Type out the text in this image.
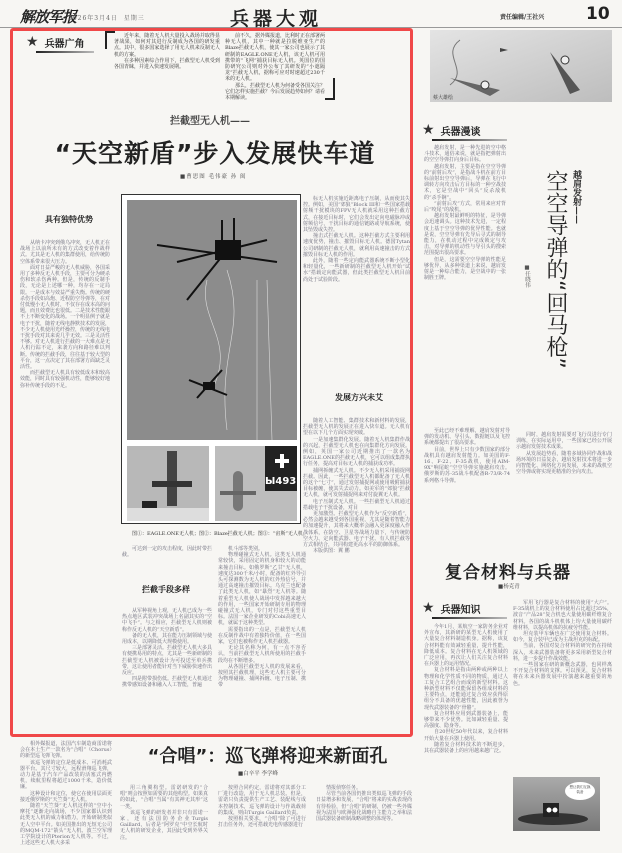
解放军报
2026年3月4日 星期三	兵器大观	责任编辑/王社兴 10
★ 兵器广角

近年来，随着无人机大量投入战场并取得显著战果，如何对其进行反制成为各国的研发重点。其中，很多国家选择了用无人机来反制无人机的方案。

在多种因素综合作用下，拦截型无人机受到各国青睐，并进入快速发展期。

前不久，据外媒报道，比利时正在部署两种无人机，其中一种就是拉脱维亚生产的Blaze拦截无人机，使其一家公司也展示了其研制的EAGLE.ONE无人机，该无人机可用携带的“飞网”捕获目标无人机。英国位的国防研究公司则对外公布了其研发的“小遮隔龙”拦截无人机，据称可应对时速超过230千米的无人机。

那么，拦截型无人机为何备受各国关注？它们怎样实施拦截？今后发展趋势如何？请看本期解读。	蔡大雄绘
拦截型无人机——
“天空新盾”步入发展快车道
■曹思图 毛伟豪 孙 闽
具有独特优势

从纳卡冲突到俄乌冲突，无人机正在战场上以前所未有的方式改变着作战样式。尤其是无人机的集群使用，给传统防空体系带来很大压力。

面对日益严峻的无人机威胁，各国采用了多种反无人机手段，主要可分为硬杀伤和软杀伤两种。但是，传统的反制手段，无论是上述哪一种，均存在一定局限。一是成本与效益严重失衡。传统的硬杀伤手段如高炮、近程防空导弹等，在对付低慢小无人机时，不仅存在成本高的问题，而且效费比也很低。二是技术性能跟不上不断变化的战场。一个明显例子就是电子干扰，随着无线电静默技术的发展，不少无人机使用光纤操控，传统的无线电干扰手段对其来说几乎无效。三是灵活性不够。对无人机进行拦截的一大难点是无人机行踪不定，来袭方向和路径难以判断。传统的拦截手段，往往基于较大型的平台，这一点决定了其在部署方面缺乏灵活性。

而拦截型无人机具有较低成本和较高效能，同时具有较强机动性，能够较好地弥补传统手段的不足。

Ы493
图①：EAGLE.ONE无人机；图②：Blaze拦截无人机；图③：“宙斯”无人机。

标无人机实施近距离电子压制，从而使其失控。例如，美国“郊狼”Block III和一些国家搭载射频干扰模块的FPV无人机就采用这种拦截方式，在接近目标时，它们会发出定向电磁脉冲或射频信号，干扰目标的通信链路或导航系统，使其坠毁或失控。

撞击式拦截无人机。这种拦截方式主要利用速度优势，撞击、摧毁目标无人机。德国Tytan公司研制的拦截无人机，就利用高速撞击的方式摧毁目标无人机的作用。

此外，随着一些定向能武器系统不断小型化和轻量化，一些新研制的拦截型无人机开始“试水”搭载定向能武器，但此类拦截型无人机目前尚处于试验阶段。

发展方兴未艾

随着人工智能、集群技术和新材料的发展，拦截型无人机的发展正在进入快车道。无人机有望在以下几个方面实现突破。

一是加速集群化发展。随着无人机集群作战的兴起，拦截型无人机也在向集群化方向发展。例如，英国一家公司近期推出了一款名为EAGLE.ONE的拦截无人机，它可以组成集群执行任务，提高对目标无人机的捕获成功率。

捕网拆缠式无人机。不少无人机采用捕捉网拦截。因此，一些拦截型无人机都配备了无人机的这个“七寸”，通过发射捕捉网或使用吸附捕获目标被缠，使其失去动力。如美军的“郊狼”拦截无人机，就可发射捕捉网来对付旋翼无人机。

电子压制式无人机。一些拦截型无人机通过搭载电子干扰设备，对目

更加激烈。拦截型无人机作为“反空新盾”，必然会越来越受到各国重视，尤其是随着智能力的加速提升，其将来大概率会融入更深度融入作战体系，在防空、卫星等战场力量下，与传统防空火力、定向能武器、电子干扰、有人机拦截等方式相结合，共同构建更高水平的防御体系。

本版供图：翼 鹏

可达到一定的攻击程度，因此时带拦截。

拦截手段多样

从军种视角上观，无人机已成为一些热点地区武装冲突战场上名副其实的“空中飞手”。与之相应，拦截型无人机则被称作反无人机的“天空新盾”。

备的无人机，其在能力压制领域与使用成本，以期降低大规模使用。

三是部署灵活。拦截型无人机大多具有便携易用的特点，尤其是一些新研制的拦截型无人机被设计为可投送至单兵携带，这让使用者能针对当下威胁快速作出反应。

四是附带损伤低。拦截型无人机通过携带感知设备和融入人工智能，普遍

机斗部等类别。

物理碰撞式无人机。这类无人机通常较快，采用固定的机身和较大的动能来撞击目标。如俄罗斯“乙甘”无人机，速度达300千米/小时，配备的红外导引头可探测数为无人机的红外热信号，并通过高速撞击摧毁目标。乌克兰也配备了此类无人机，如“暴烈”无人机等。随着重型无人机使人战场中发挥越来越大的作用，一些国家开始研制专用的物理碰撞式无人机，专门对付这些重型目标。法国一家企业研发的Cobi高速无人机，就属于这种类型。

需要指出的一点是，拦截型无人机在反制作战中有着独特价值，在一些国家，它们也被称作无人机拦截器。

无论其名称为何，有一点不容否认，当前拦截型无人机所使用的拦截手段均在不断增多。

从各国拦截型无人机的发展来看，按照其拦截机理，这些无人机主要可分为物理碰撞、捕网拆缠、电子压制、携带

★ 兵器漫谈

越肩发射，是一种先进的空中格斗技术，通俗来说，就是指把弹射出的空空导弹打向身后目标。

越肩发射，主要是指在空空导弹的“前射后攻”，是指战斗机在前方目标前射出空空导弹后，导弹在飞行中调转方向攻击后方目标的一种空战技术，它是空战中“回头”反杀敌机的“杀手锏”。

“前射后攻”方式，常用来应对背后“咬尾”的敌机。

越肩发射最鲜明的特征，是导弹会迅速调头。这种技术先进，一定程度上基于空空导弹的优异性能。也就是说，空空导弹有先导后寻式的制导能力，在机动过程中完成锁定与攻击，对导弹的机动性与导引头的搜索范围提出很高要求。

但是，这需要空空导弹的性能足够优异，从多种渠道上来说，越肩发射是一种综合能力，是空战中的一张制胜王牌。

越肩发射——
空空导弹的“回马枪”
■任晓伟

至此已经不难理解，越肩发射对导弹的发动机、导引头、数据链以及飞控系统都提出了很高要求。

目前，世界上只有少数国家的部分战机具有越肩发射能力。如美国的F-16、F-22、F-35战机，使用AIM-9X“响尾蛇”空空导弹实施越肩攻击。俄罗斯的苏-35战斗机配备R-73/R-74系列格斗导弹。

同时，越肩发射需要对飞行员进行专门训练，在实际运用中，一些国家已经公开展示越肩发射技术成果。

从发展趋势看，随着多域协同作战和战场环境的日益复杂，越肩发射技术将进一步向智能化、网络化方向发展，未来的战机空空导弹或将实现更精准的全向攻击。

复合材料与兵器
■杨克青
★ 兵器知识

今年1月，某航空一家防务企业对外宣布，其新研的某型无人机使用了大量复合材料制造机身。据称，该复合材料能有效减轻重量，提升性能，降低成本。复合材料在无人机领域的广泛应用，再次让人们关注复合材料在兵器上的运用情况。

复合材料是指由两种或两种以上物理和化学性质不同的物质，通过人工复合工艺组合而成的新型材料。这种新型材料不仅能保留各组成材料的主要特点，还能通过复合效应获得原组分不具备的优越性能，因此被誉为现代武器装备的“骨骼”。

复合材料应用到武器装备上，能够带来不少优势。比如减轻重量、提高强度、隐身等。

自20世纪50年代以来，复合材料开始大量在兵器上使用。

随着复合材料技术的不断进步，其在武器装备上的应用越来越广泛。

军用飞行器是复合材料的使用“大户”。F-35战机上的复合材料使用占比超过35%，波音“产品28”复合机也大量使用碳纤维复合材料。各国的战斗机机体上均大量使用碳纤维材料，以提高机体的抗疲劳性能。

坦克装甲车辆也在广泛使用复合材料。如今，复合装甲已成为主战坦克的标配。

当前，各国对复合材料的研究仍在持续深入，未来武器装备将更多采用新型复合材料，进一步提升作战效能。

一些国家在研的新概念武器，也同样离不开复合材料的支撑。可以预见，复合材料将在未来兵器发展中扮演越来越重要的角色。

想让我们互换装备

相外媒报道，法国汽车制造商雷诺将会在本土生产一款名为“合唱”（Chorus）的新型巡飞弹飞弹。

该巡飞弹的定位是低成本、可消耗武器平台。其尺寸较大，远程滑翔巡飞弹，动力是基于汽车产品改装的活塞式内燃机，续航里程将超过1000千米，造价低廉。

这种设计和定位，使它在使用层面更接近俄罗斯的“天竺葵”无人机。

随着“天竺葵”无人机这样的“空中小摩托”逐渐走向战场，不少国家都认识到此类无人机的威力和潜力，开始研制类似无人空中平台。如美国推出的无短无公司的MQM-172“箭头”无人机、波兰空军理工学院设计的Pterion无人机等。不过，上述这些无人机大多采

“合唱”：巡飞弹将迎来新面孔
■白辛平 李学峰

用三角翼构型。雷诺研发的“合唱”则会按照如需要的其他构型。如果真的如此，“合唱”当属“有其神无其形”这一类。

该巡飞弹的研发者并非只有雷诺一家，还有法国防务企业Turgis Gaillard，后者是“阿罗克”中空长航时无人机的研发企业，其因此受到外界关注。

按照合同约定，雷诺将对其部分工厂进行改造，用于无人机总装。但是，雷诺只负责提供生产工艺、装配线与成本控制技术，巡飞弹的设计与作战载荷的集成，则由Turgis Gaillard负责。

按照相关要求，“合唱”除了可进行打击任务外，还可搭载光电传感器进行

情报侦察任务。

尽管当前各国仍推出类似巡飞弹的手段日益增多和发展，“合唱”将来的实战表现尚有待检验，但“合唱”的研制，仍被一些外媒视为法国与欧洲强化战略自主能力之举和法国武器装备研制战略调整的体现等。
